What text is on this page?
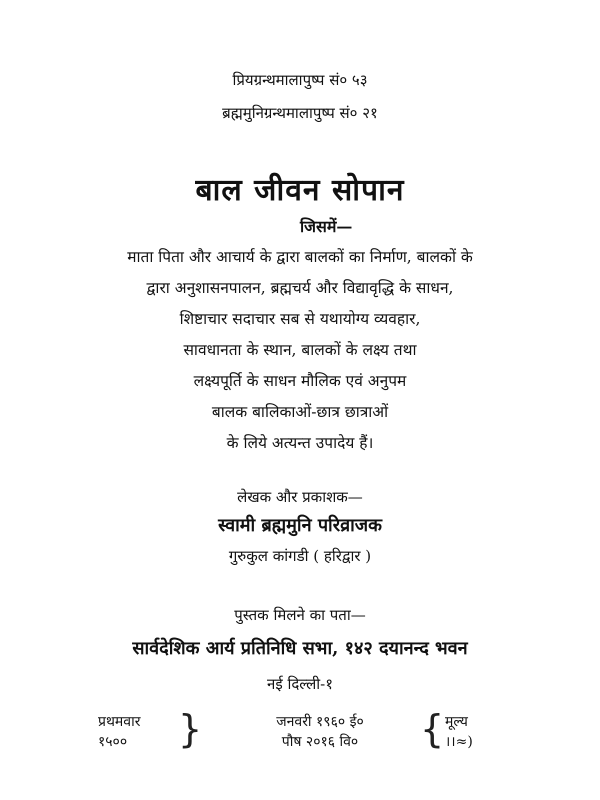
प्रियग्रन्थमालापुष्प सं० ५३
ब्रह्ममुनिग्रन्थमालापुष्प सं० २१
बाल जीवन सोपान
जिसमें—
माता पिता और आचार्य के द्वारा बालकों का निर्माण, बालकों के
द्वारा अनुशासनपालन, ब्रह्मचर्य और विद्यावृद्धि के साधन,
शिष्टाचार सदाचार सब से यथायोग्य व्यवहार,
सावधानता के स्थान, बालकों के लक्ष्य तथा
लक्ष्यपूर्ति के साधन मौलिक एवं अनुपम
बालक बालिकाओं-छात्र छात्राओं
के लिये अत्यन्त उपादेय हैं।
लेखक और प्रकाशक—
स्वामी ब्रह्ममुनि परिव्राजक
गुरुकुल कांगडी ( हरिद्वार )
पुस्तक मिलने का पता—
सार्वदेशिक आर्य प्रतिनिधि सभा, १४२ दयानन्द भवन
नई दिल्ली-१
प्रथमवार
१५००	}	जनवरी १९६० ई०
पौष २०१६ वि०	{ मूल्य
।।≈)
